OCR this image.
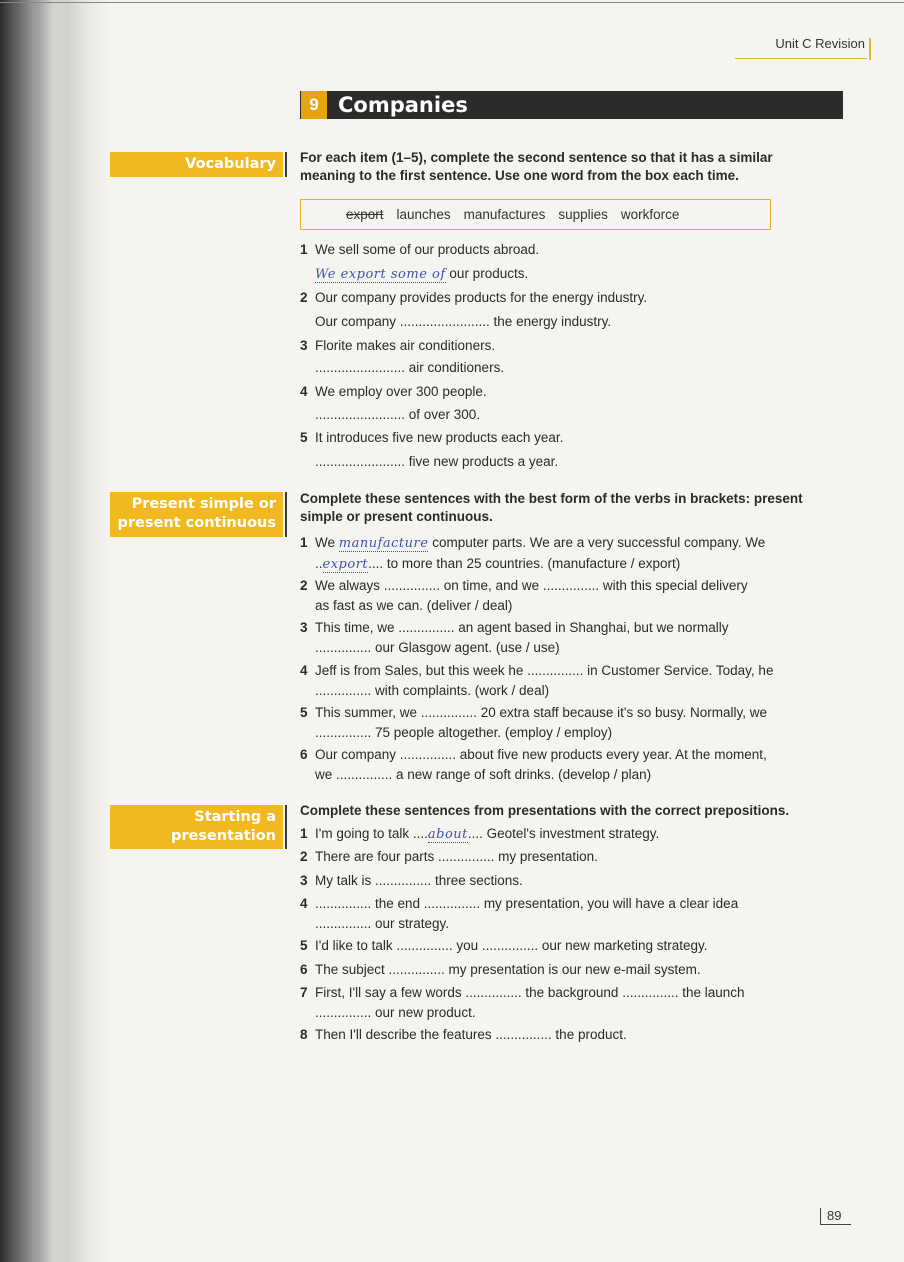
Unit C Revision
9 Companies
Vocabulary
Present simple or
present continuous
Starting a
presentation
For each item (1–5), complete the second sentence so that it has a similar
meaning to the first sentence. Use one word from the box each time.
export launches manufactures supplies workforce
1 We sell some of our products abroad.
We export some of our products.
2 Our company provides products for the energy industry.
Our company ........................ the energy industry.
3 Florite makes air conditioners.
........................ air conditioners.
4 We employ over 300 people.
........................ of over 300.
5 It introduces five new products each year.
........................ five new products a year.
Complete these sentences with the best form of the verbs in brackets: present
simple or present continuous.
1 We manufacture computer parts. We are a very successful company. We
..export.... to more than 25 countries. (manufacture / export)
2 We always ............... on time, and we ............... with this special delivery
as fast as we can. (deliver / deal)
3 This time, we ............... an agent based in Shanghai, but we normally
............... our Glasgow agent. (use / use)
4 Jeff is from Sales, but this week he ............... in Customer Service. Today, he
............... with complaints. (work / deal)
5 This summer, we ............... 20 extra staff because it's so busy. Normally, we
............... 75 people altogether. (employ / employ)
6 Our company ............... about five new products every year. At the moment,
we ............... a new range of soft drinks. (develop / plan)
Complete these sentences from presentations with the correct prepositions.
1 I'm going to talk ....about.... Geotel's investment strategy.
2 There are four parts ............... my presentation.
3 My talk is ............... three sections.
4 ............... the end ............... my presentation, you will have a clear idea
............... our strategy.
5 I'd like to talk ............... you ............... our new marketing strategy.
6 The subject ............... my presentation is our new e-mail system.
7 First, I'll say a few words ............... the background ............... the launch
............... our new product.
8 Then I'll describe the features ............... the product.
89
